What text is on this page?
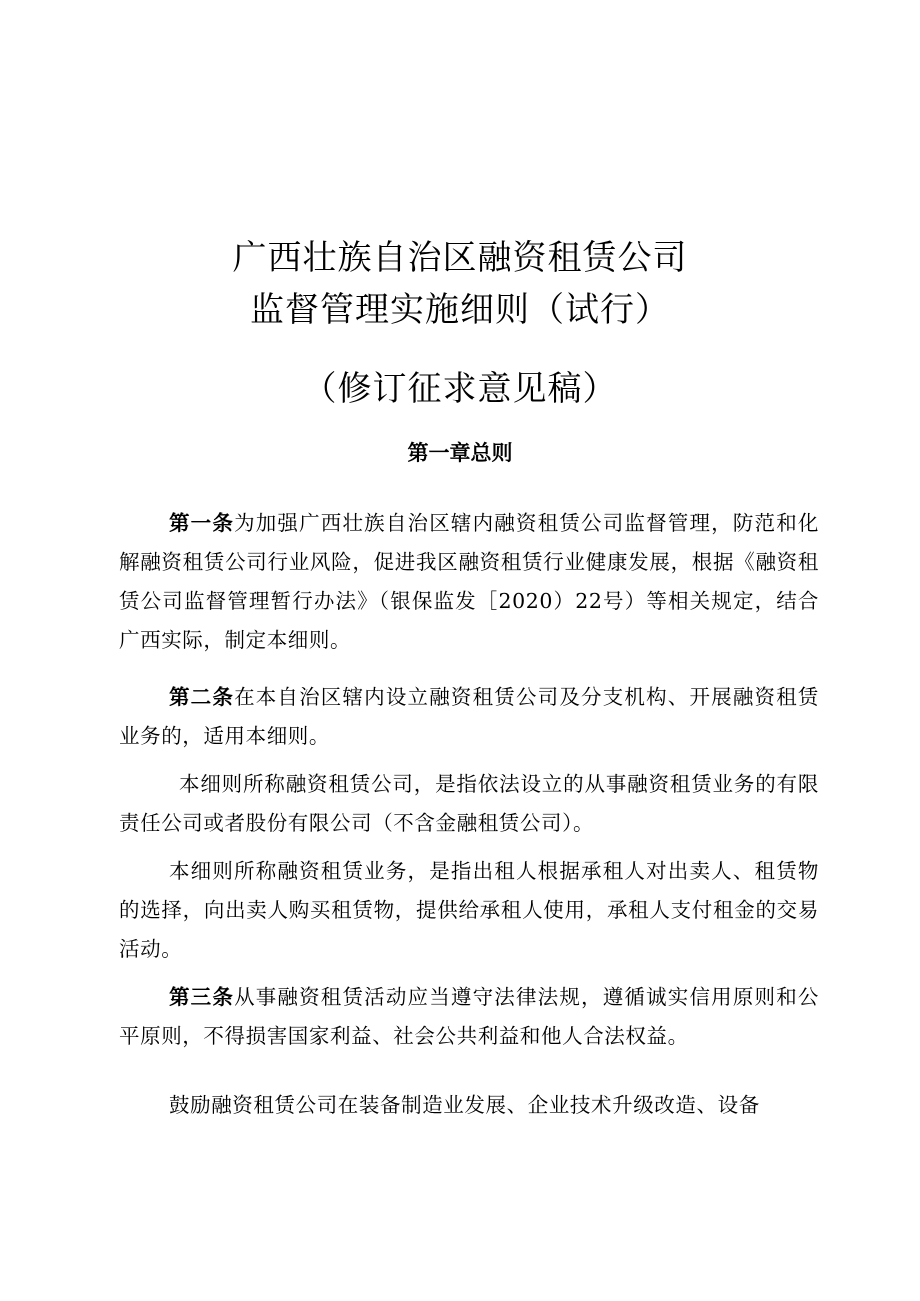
广西壮族自治区融资租赁公司
监督管理实施细则（试行）
（修订征求意见稿）
第一章总则

第一条为加强广西壮族自治区辖内融资租赁公司监督管理，防范和化解融资租赁公司行业风险，促进我区融资租赁行业健康发展，根据《融资租赁公司监督管理暂行办法》（银保监发［2020）22号）等相关规定，结合广西实际，制定本细则。

第二条在本自治区辖内设立融资租赁公司及分支机构、开展融资租赁业务的，适用本细则。

本细则所称融资租赁公司，是指依法设立的从事融资租赁业务的有限责任公司或者股份有限公司（不含金融租赁公司）。

本细则所称融资租赁业务，是指出租人根据承租人对出卖人、租赁物的选择，向出卖人购买租赁物，提供给承租人使用，承租人支付租金的交易活动。

第三条从事融资租赁活动应当遵守法律法规，遵循诚实信用原则和公平原则，不得损害国家利益、社会公共利益和他人合法权益。

鼓励融资租赁公司在装备制造业发展、企业技术升级改造、设备
